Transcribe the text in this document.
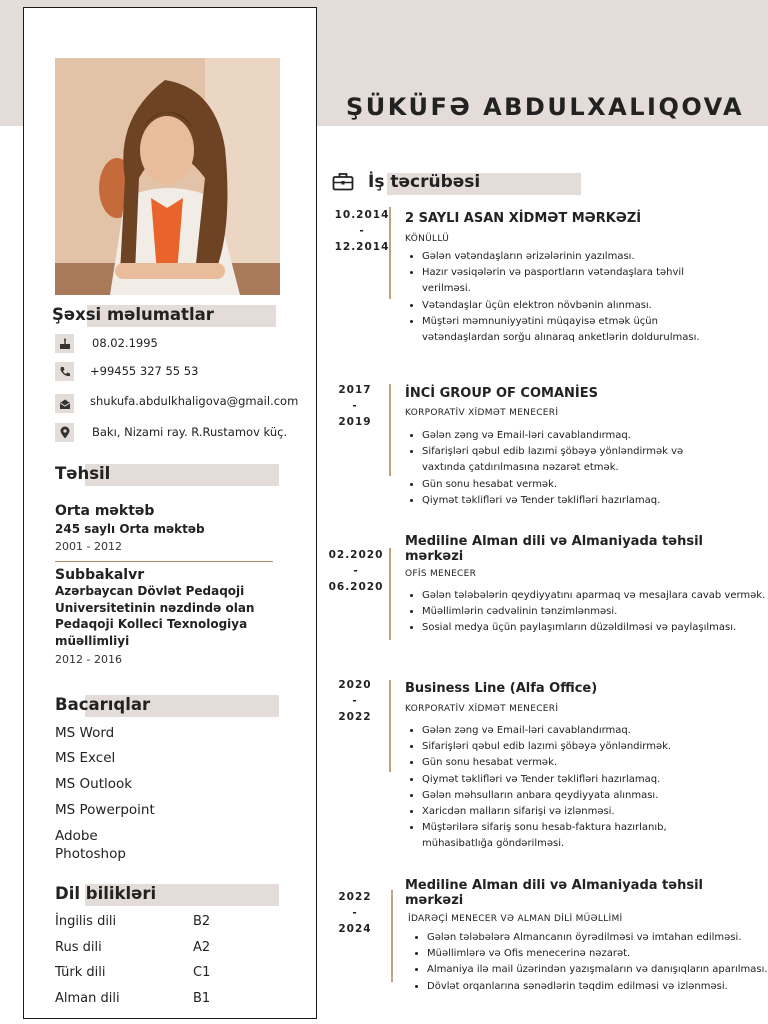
ŞÜKÜFƏ ABDULXALIQOVA
Şəxsi məlumatlar
08.02.1995
+99455 327 55 53
shukufa.abdulkhaligova@gmail.com
Bakı, Nizami ray. R.Rustamov küç.
Təhsil
Orta məktəb
245 saylı Orta məktəb
2001 - 2012
Subbakalvr
Azərbaycan Dövlət Pedaqoji Universitetinin nəzdində olan Pedaqoji Kolleci Texnologiya müəllimliyi
2012 - 2016
Bacarıqlar
MS Word
MS Excel
MS Outlook
MS Powerpoint
Adobe Photoshop
Dil bilikləri
İngilis dili	B2
Rus dili	A2
Türk dili	C1
Alman dili	B1
İş təcrübəsi
10.2014
-
12.2014
2 SAYLI ASAN XİDMƏT MƏRKƏZİ
KÖNÜLLÜ
• Gələn vətəndaşların ərizələrinin yazılması.
• Hazır vəsiqələrin və pasportların vətəndaşlara təhvil verilməsi.
• Vətəndaşlar üçün elektron növbənin alınması.
• Müştəri məmnuniyyətini müqayisə etmək üçün vətəndaşlardan sorğu alınaraq anketlərin doldurulması.
2017
-
2019
İNCİ GROUP OF COMANİES
KORPORATİV XİDMƏT MENECERİ
• Gələn zəng və Email-ləri cavablandırmaq.
• Sifarişləri qəbul edib lazımi şöbəyə yönləndirmək və vaxtında çatdırılmasına nəzarət etmək.
• Gün sonu hesabat vermək.
• Qiymət təklifləri və Tender təklifləri hazırlamaq.
02.2020
-
06.2020
Mediline Alman dili və Almaniyada təhsil mərkəzi
OFİS MENECER
• Gələn tələbələrin qeydiyyatını aparmaq və mesajlara cavab vermək.
• Müəllimlərin cədvəlinin tənzimlənməsi.
• Sosial medya üçün paylaşımların düzəldilməsi və paylaşılması.
2020
-
2022
Business Line (Alfa Office)
KORPORATİV XİDMƏT MENECERİ
• Gələn zəng və Email-ləri cavablandırmaq.
• Sifarişləri qəbul edib lazımi şöbəyə yönləndirmək.
• Gün sonu hesabat vermək.
• Qiymət təklifləri və Tender təklifləri hazırlamaq.
• Gələn məhsulların anbara qeydiyyata alınması.
• Xaricdən malların sifarişi və izlənməsi.
• Müştərilərə sifariş sonu hesab-faktura hazırlanıb, mühasibatlığa göndərilməsi.
2022
-
2024
Mediline Alman dili və Almaniyada təhsil mərkəzi
İDARƏÇİ MENECER VƏ ALMAN DİLİ MÜƏLLİMİ
• Gələn tələbələrə Almancanın öyrədilməsi və imtahan edilməsi.
• Müəllimlərə və Ofis menecerinə nəzarət.
• Almaniya ilə mail üzərindən yazışmaların və danışıqların aparılması.
• Dövlət orqanlarına sənədlərin təqdim edilməsi və izlənməsi.
